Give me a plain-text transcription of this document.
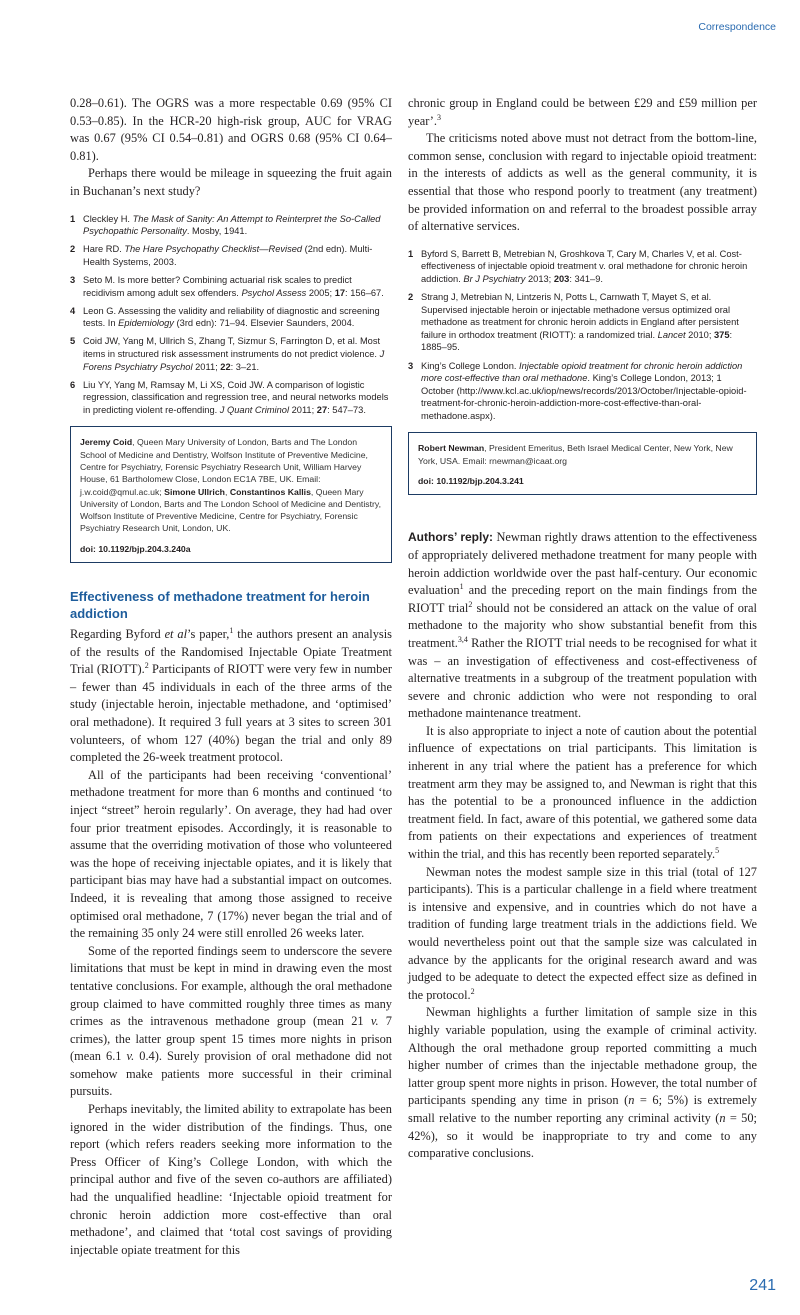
Correspondence

0.28–0.61). The OGRS was a more respectable 0.69 (95% CI 0.53–0.85). In the HCR-20 high-risk group, AUC for VRAG was 0.67 (95% CI 0.54–0.81) and OGRS 0.68 (95% CI 0.64–0.81).

Perhaps there would be mileage in squeezing the fruit again in Buchanan’s next study?

1 Cleckley H. The Mask of Sanity: An Attempt to Reinterpret the So-Called Psychopathic Personality. Mosby, 1941.
2 Hare RD. The Hare Psychopathy Checklist—Revised (2nd edn). Multi-Health Systems, 2003.
3 Seto M. Is more better? Combining actuarial risk scales to predict recidivism among adult sex offenders. Psychol Assess 2005; 17: 156–67.
4 Leon G. Assessing the validity and reliability of diagnostic and screening tests. In Epidemiology (3rd edn): 71–94. Elsevier Saunders, 2004.
5 Coid JW, Yang M, Ullrich S, Zhang T, Sizmur S, Farrington D, et al. Most items in structured risk assessment instruments do not predict violence. J Forens Psychiatry Psychol 2011; 22: 3–21.
6 Liu YY, Yang M, Ramsay M, Li XS, Coid JW. A comparison of logistic regression, classification and regression tree, and neural networks models in predicting violent re-offending. J Quant Criminol 2011; 27: 547–73.
Jeremy Coid, Queen Mary University of London, Barts and The London School of Medicine and Dentistry, Wolfson Institute of Preventive Medicine, Centre for Psychiatry, Forensic Psychiatry Research Unit, William Harvey House, 61 Bartholomew Close, London EC1A 7BE, UK. Email: j.w.coid@qmul.ac.uk; Simone Ullrich, Constantinos Kallis, Queen Mary University of London, Barts and The London School of Medicine and Dentistry, Wolfson Institute of Preventive Medicine, Centre for Psychiatry, Forensic Psychiatry Research Unit, London, UK.
doi: 10.1192/bjp.204.3.240a
Effectiveness of methadone treatment for heroin addiction

Regarding Byford et al’s paper,$^1$ the authors present an analysis of the results of the Randomised Injectable Opiate Treatment Trial (RIOTT).$^2$ Participants of RIOTT were very few in number – fewer than 45 individuals in each of the three arms of the study (injectable heroin, injectable methadone, and ‘optimised’ oral methadone). It required 3 full years at 3 sites to screen 301 volunteers, of whom 127 (40%) began the trial and only 89 completed the 26-week treatment protocol.

All of the participants had been receiving ‘conventional’ methadone treatment for more than 6 months and continued ‘to inject “street” heroin regularly’. On average, they had had over four prior treatment episodes. Accordingly, it is reasonable to assume that the overriding motivation of those who volunteered was the hope of receiving injectable opiates, and it is likely that participant bias may have had a substantial impact on outcomes. Indeed, it is revealing that among those assigned to receive optimised oral methadone, 7 (17%) never began the trial and of the remaining 35 only 24 were still enrolled 26 weeks later.

Some of the reported findings seem to underscore the severe limitations that must be kept in mind in drawing even the most tentative conclusions. For example, although the oral methadone group claimed to have committed roughly three times as many crimes as the intravenous methadone group (mean 21 v. 7 crimes), the latter group spent 15 times more nights in prison (mean 6.1 v. 0.4). Surely provision of oral methadone did not somehow make patients more successful in their criminal pursuits.

Perhaps inevitably, the limited ability to extrapolate has been ignored in the wider distribution of the findings. Thus, one report (which refers readers seeking more information to the Press Officer of King’s College London, with which the principal author and five of the seven co-authors are affiliated) had the unqualified headline: ‘Injectable opioid treatment for chronic heroin addiction more cost-effective than oral methadone’, and claimed that ‘total cost savings of providing injectable opiate treatment for this

chronic group in England could be between £29 and £59 million per year’.$^3$

The criticisms noted above must not detract from the bottom-line, common sense, conclusion with regard to injectable opioid treatment: in the interests of addicts as well as the general community, it is essential that those who respond poorly to treatment (any treatment) be provided information on and referral to the broadest possible array of alternative services.

1 Byford S, Barrett B, Metrebian N, Groshkova T, Cary M, Charles V, et al. Cost-effectiveness of injectable opioid treatment v. oral methadone for chronic heroin addiction. Br J Psychiatry 2013; 203: 341–9.
2 Strang J, Metrebian N, Lintzeris N, Potts L, Carnwath T, Mayet S, et al. Supervised injectable heroin or injectable methadone versus optimized oral methadone as treatment for chronic heroin addicts in England after persistent failure in orthodox treatment (RIOTT): a randomized trial. Lancet 2010; 375: 1885–95.
3 King’s College London. Injectable opioid treatment for chronic heroin addiction more cost-effective than oral methadone. King’s College London, 2013; 1 October (http://www.kcl.ac.uk/iop/news/records/2013/October/Injectable-opioid-treatment-for-chronic-heroin-addiction-more-cost-effective-than-oral-methadone.aspx).
Robert Newman, President Emeritus, Beth Israel Medical Center, New York, New York, USA. Email: rnewman@icaat.org
doi: 10.1192/bjp.204.3.241

Authors’ reply: Newman rightly draws attention to the effectiveness of appropriately delivered methadone treatment for many people with heroin addiction worldwide over the past half-century. Our economic evaluation$^1$ and the preceding report on the main findings from the RIOTT trial$^2$ should not be considered an attack on the value of oral methadone to the majority who show substantial benefit from this treatment.$^{3,4}$ Rather the RIOTT trial needs to be recognised for what it was – an investigation of effectiveness and cost-effectiveness of alternative treatments in a subgroup of the treatment population with severe and chronic addiction who were not responding to oral methadone maintenance treatment.

It is also appropriate to inject a note of caution about the potential influence of expectations on trial participants. This limitation is inherent in any trial where the patient has a preference for which treatment arm they may be assigned to, and Newman is right that this has the potential to be a pronounced influence in the addiction treatment field. In fact, aware of this potential, we gathered some data from patients on their expectations and experiences of treatment within the trial, and this has recently been reported separately.$^5$

Newman notes the modest sample size in this trial (total of 127 participants). This is a particular challenge in a field where treatment is intensive and expensive, and in countries which do not have a tradition of funding large treatment trials in the addictions field. We would nevertheless point out that the sample size was calculated in advance by the applicants for the original research award and was judged to be adequate to detect the expected effect size as defined in the protocol.$^2$

Newman highlights a further limitation of sample size in this highly variable population, using the example of criminal activity. Although the oral methadone group reported committing a much higher number of crimes than the injectable methadone group, the latter group spent more nights in prison. However, the total number of participants spending any time in prison (n = 6; 5%) is extremely small relative to the number reporting any criminal activity (n = 50; 42%), so it would be inappropriate to try and come to any comparative conclusions.

241
